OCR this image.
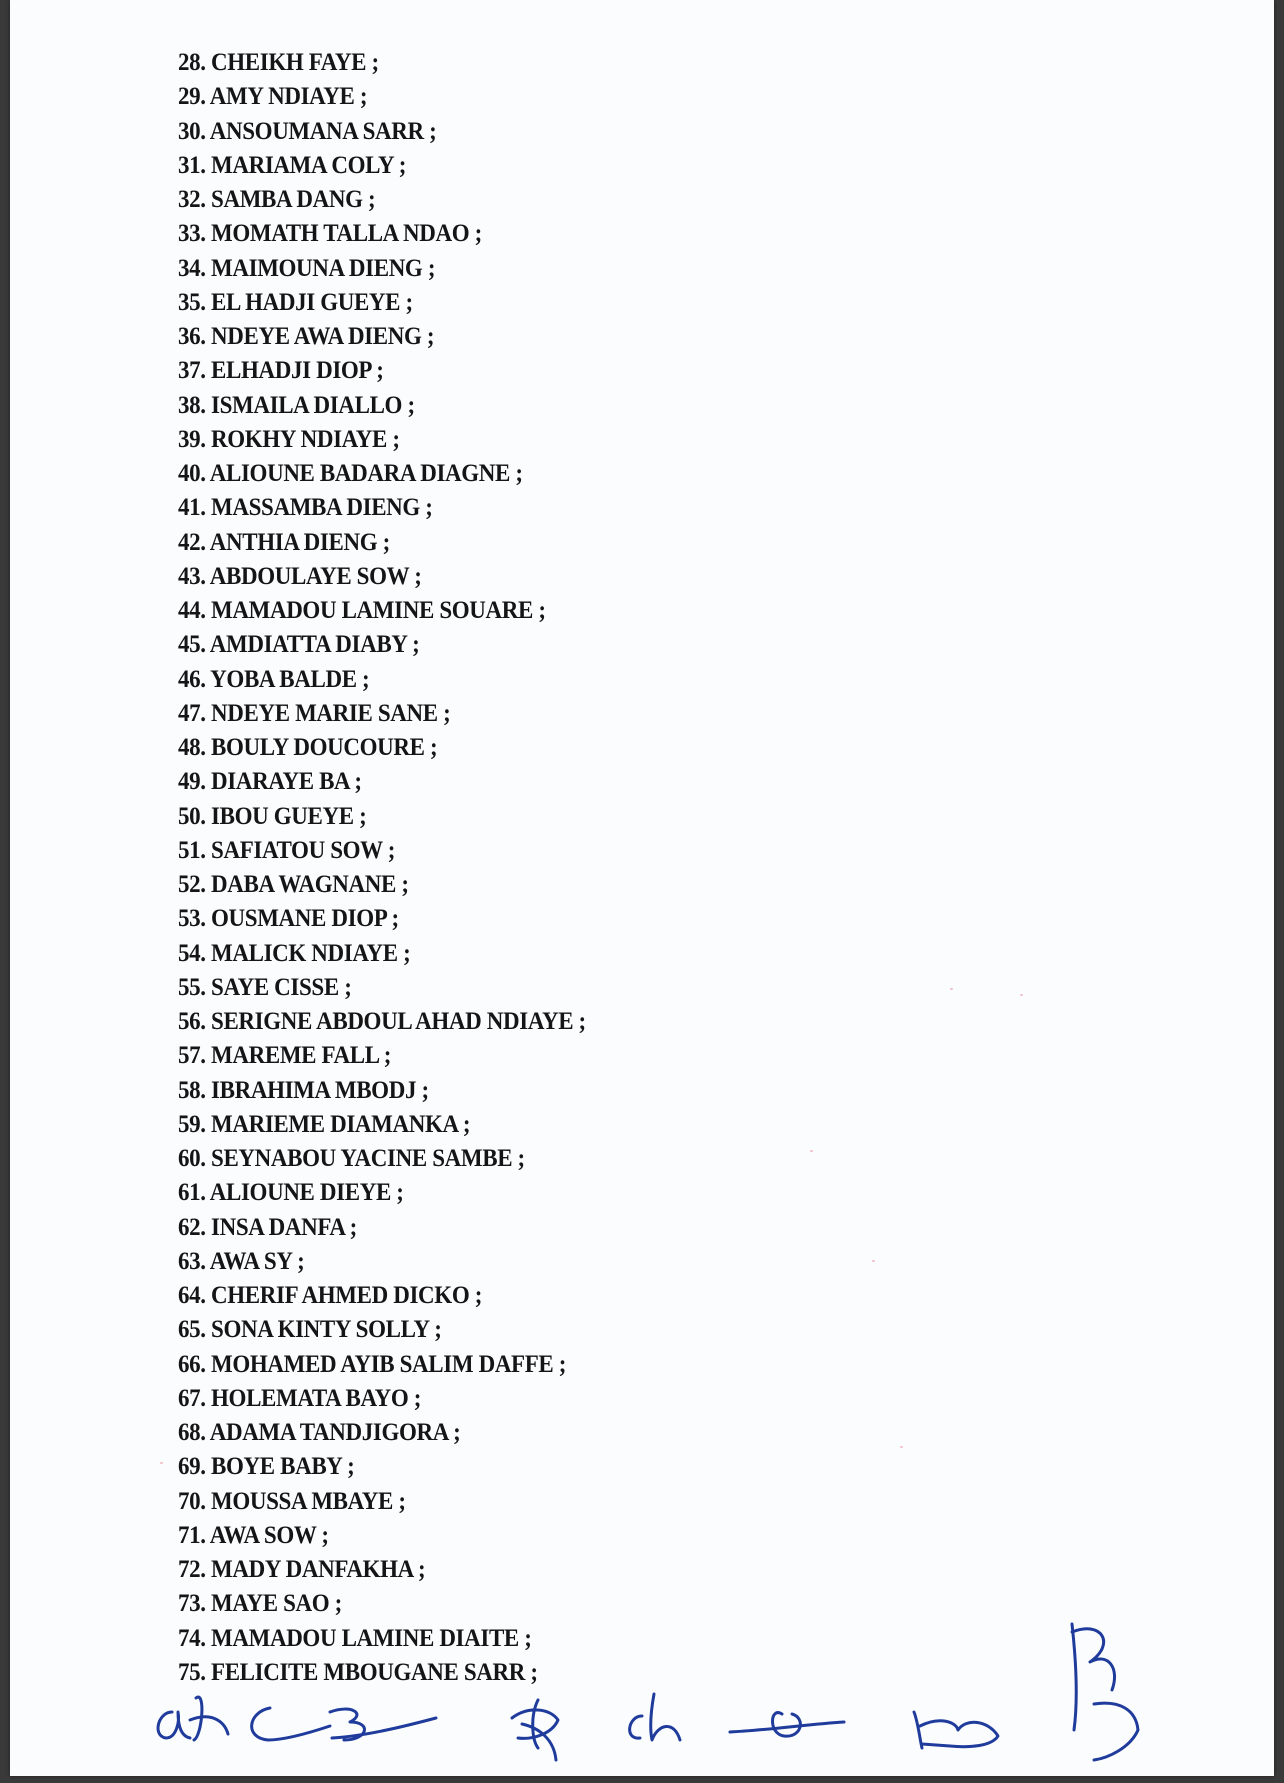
28. CHEIKH FAYE ;
29. AMY NDIAYE ;
30. ANSOUMANA SARR ;
31. MARIAMA COLY ;
32. SAMBA DANG ;
33. MOMATH TALLA NDAO ;
34. MAIMOUNA DIENG ;
35. EL HADJI GUEYE ;
36. NDEYE AWA DIENG ;
37. ELHADJI DIOP ;
38. ISMAILA DIALLO ;
39. ROKHY NDIAYE ;
40. ALIOUNE BADARA DIAGNE ;
41. MASSAMBA DIENG ;
42. ANTHIA DIENG ;
43. ABDOULAYE SOW ;
44. MAMADOU LAMINE SOUARE ;
45. AMDIATTA DIABY ;
46. YOBA BALDE ;
47. NDEYE MARIE SANE ;
48. BOULY DOUCOURE ;
49. DIARAYE BA ;
50. IBOU GUEYE ;
51. SAFIATOU SOW ;
52. DABA WAGNANE ;
53. OUSMANE DIOP ;
54. MALICK NDIAYE ;
55. SAYE CISSE ;
56. SERIGNE ABDOUL AHAD NDIAYE ;
57. MAREME FALL ;
58. IBRAHIMA MBODJ ;
59. MARIEME DIAMANKA ;
60. SEYNABOU YACINE SAMBE ;
61. ALIOUNE DIEYE ;
62. INSA DANFA ;
63. AWA SY ;
64. CHERIF AHMED DICKO ;
65. SONA KINTY SOLLY ;
66. MOHAMED AYIB SALIM DAFFE ;
67. HOLEMATA BAYO ;
68. ADAMA TANDJIGORA ;
69. BOYE BABY ;
70. MOUSSA MBAYE ;
71. AWA SOW ;
72. MADY DANFAKHA ;
73. MAYE SAO ;
74. MAMADOU LAMINE DIAITE ;
75. FELICITE MBOUGANE SARR ;
